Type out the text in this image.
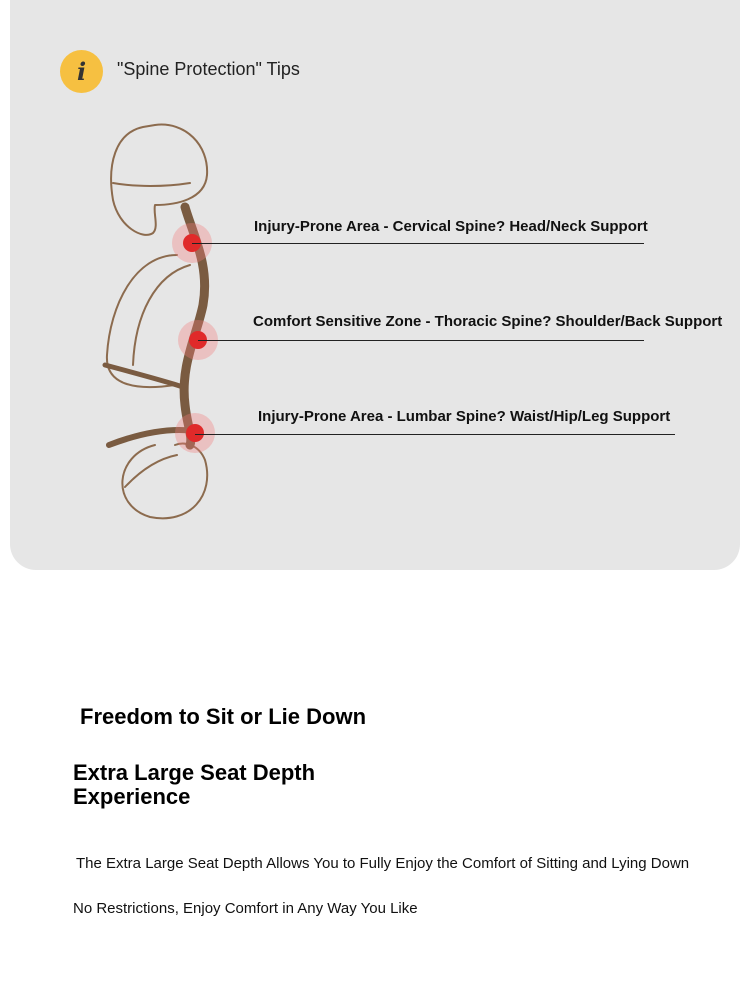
i "Spine Protection" Tips
Injury-Prone Area - Cervical Spine? Head/Neck Support
Comfort Sensitive Zone - Thoracic Spine? Shoulder/Back Support
Injury-Prone Area - Lumbar Spine? Waist/Hip/Leg Support
Freedom to Sit or Lie Down
Extra Large Seat Depth Experience
The Extra Large Seat Depth Allows You to Fully Enjoy the Comfort of Sitting and Lying Down
No Restrictions, Enjoy Comfort in Any Way You Like
